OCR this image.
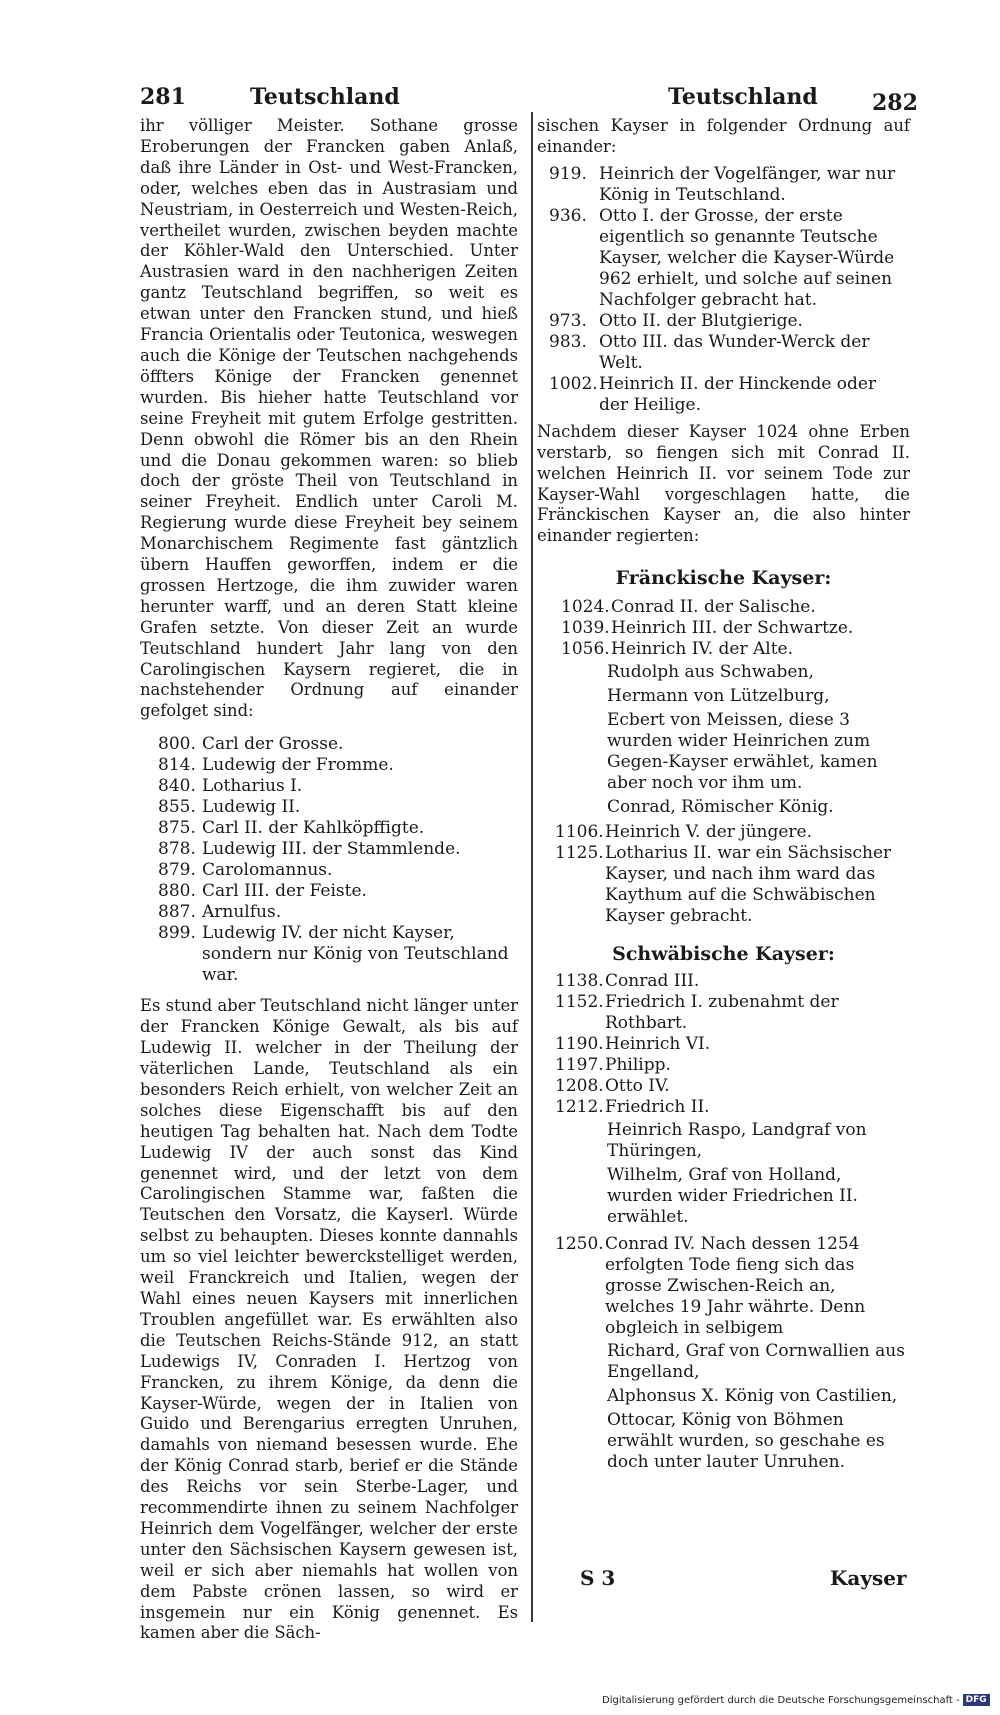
281	Teutschland	Teutschland 282

ihr völliger Meister. Sothane grosse Eroberungen der Francken gaben Anlaß, daß ihre Länder in Ost- und West-Francken, oder, welches eben das in Austrasiam und Neustriam, in Oesterreich und Westen-Reich, vertheilet wurden, zwischen beyden machte der Köhler-Wald den Unterschied. Unter Austrasien ward in den nachherigen Zeiten gantz Teutschland begriffen, so weit es etwan unter den Francken stund, und hieß Francia Orientalis oder Teutonica, weswegen auch die Könige der Teutschen nachgehends öffters Könige der Francken genennet wurden. Bis hieher hatte Teutschland vor seine Freyheit mit gutem Erfolge gestritten. Denn obwohl die Römer bis an den Rhein und die Donau gekommen waren: so blieb doch der gröste Theil von Teutschland in seiner Freyheit. Endlich unter Caroli M. Regierung wurde diese Freyheit bey seinem Monarchischem Regimente fast gäntzlich übern Hauffen geworffen, indem er die grossen Hertzoge, die ihm zuwider waren herunter warff, und an deren Statt kleine Grafen setzte. Von dieser Zeit an wurde Teutschland hundert Jahr lang von den Carolingischen Kaysern regieret, die in nachstehender Ordnung auf einander gefolget sind:

800. Carl der Grosse.
814. Ludewig der Fromme.
840. Lotharius I.
855. Ludewig II.
875. Carl II. der Kahlköpffigte.
878. Ludewig III. der Stammlende.
879. Carolomannus.
880. Carl III. der Feiste.
887. Arnulfus.
899. Ludewig IV. der nicht Kayser, sondern nur König von Teutschland war.

Es stund aber Teutschland nicht länger unter der Francken Könige Gewalt, als bis auf Ludewig II. welcher in der Theilung der väterlichen Lande, Teutschland als ein besonders Reich erhielt, von welcher Zeit an solches diese Eigenschafft bis auf den heutigen Tag behalten hat. Nach dem Todte Ludewig IV der auch sonst das Kind genennet wird, und der letzt von dem Carolingischen Stamme war, faßten die Teutschen den Vorsatz, die Kayserl. Würde selbst zu behaupten. Dieses konnte dannahls um so viel leichter bewerckstelliget werden, weil Franckreich und Italien, wegen der Wahl eines neuen Kaysers mit innerlichen Troublen angefüllet war. Es erwählten also die Teutschen Reichs-Stände 912, an statt Ludewigs IV, Conraden I. Hertzog von Francken, zu ihrem Könige, da denn die Kayser-Würde, wegen der in Italien von Guido und Berengarius erregten Unruhen, damahls von niemand besessen wurde. Ehe der König Conrad starb, berief er die Stände des Reichs vor sein Sterbe-Lager, und recommendirte ihnen zu seinem Nachfolger Heinrich dem Vogelfänger, welcher der erste unter den Sächsischen Kaysern gewesen ist, weil er sich aber niemahls hat wollen von dem Pabste crönen lassen, so wird er insgemein nur ein König genennet. Es kamen aber die Säch-

sischen Kayser in folgender Ordnung auf einander:

919. Heinrich der Vogelfänger, war nur König in Teutschland.
936. Otto I. der Grosse, der erste eigentlich so genannte Teutsche Kayser, welcher die Kayser-Würde 962 erhielt, und solche auf seinen Nachfolger gebracht hat.
973. Otto II. der Blutgierige.
983. Otto III. das Wunder-Werck der Welt.
1002. Heinrich II. der Hinckende oder der Heilige.

Nachdem dieser Kayser 1024 ohne Erben verstarb, so fiengen sich mit Conrad II. welchen Heinrich II. vor seinem Tode zur Kayser-Wahl vorgeschlagen hatte, die Fränckischen Kayser an, die also hinter einander regierten:

Fränckische Kayser:

1024. Conrad II. der Salische.
1039. Heinrich III. der Schwartze.
1056. Heinrich IV. der Alte.
Rudolph aus Schwaben,
Hermann von Lützelburg,
Ecbert von Meissen, diese 3 wurden wider Heinrichen zum Gegen-Kayser erwählet, kamen aber noch vor ihm um.
Conrad, Römischer König.
1106. Heinrich V. der jüngere.
1125. Lotharius II. war ein Sächsischer Kayser, und nach ihm ward das Kaythum auf die Schwäbischen Kayser gebracht.

Schwäbische Kayser:

1138. Conrad III.
1152. Friedrich I. zubenahmt der Rothbart.
1190. Heinrich VI.
1197. Philipp.
1208. Otto IV.
1212. Friedrich II.
Heinrich Raspo, Landgraf von Thüringen,
Wilhelm, Graf von Holland, wurden wider Friedrichen II. erwählet.
1250. Conrad IV. Nach dessen 1254 erfolgten Tode fieng sich das grosse Zwischen-Reich an, welches 19 Jahr währte. Denn obgleich in selbigem
Richard, Graf von Cornwallien aus Engelland,
Alphonsus X. König von Castilien,
Ottocar, König von Böhmen erwählt wurden, so geschahe es doch unter lauter Unruhen.
S 3	Kayser
Digitalisierung gefördert durch die Deutsche Forschungsgemeinschaft - DFG
